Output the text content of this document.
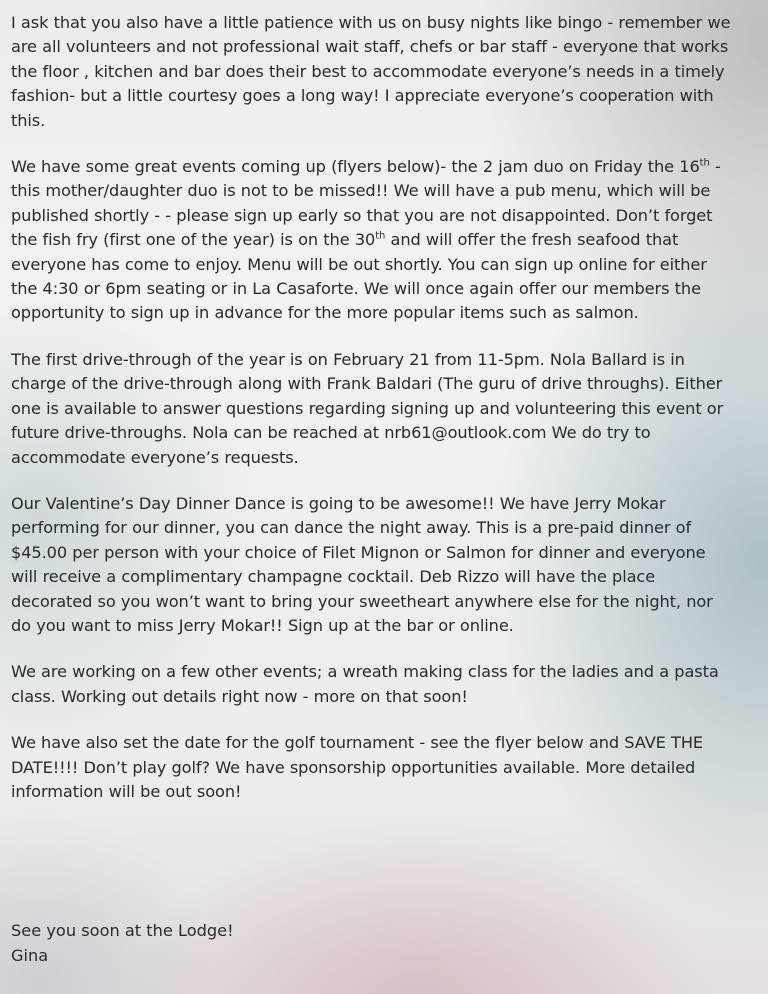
I ask that you also have a little patience with us on busy nights like bingo - remember we
are all volunteers and not professional wait staff, chefs or bar staff - everyone that works
the floor , kitchen and bar does their best to accommodate everyone’s needs in a timely
fashion- but a little courtesy goes a long way! I appreciate everyone’s cooperation with
this.

We have some great events coming up (flyers below)- the 2 jam duo on Friday the 16th -
this mother/daughter duo is not to be missed!! We will have a pub menu, which will be
published shortly - - please sign up early so that you are not disappointed. Don’t forget
the fish fry (first one of the year) is on the 30th and will offer the fresh seafood that
everyone has come to enjoy. Menu will be out shortly. You can sign up online for either
the 4:30 or 6pm seating or in La Casaforte. We will once again offer our members the
opportunity to sign up in advance for the more popular items such as salmon.

The first drive-through of the year is on February 21 from 11-5pm. Nola Ballard is in
charge of the drive-through along with Frank Baldari (The guru of drive throughs). Either
one is available to answer questions regarding signing up and volunteering this event or
future drive-throughs. Nola can be reached at nrb61@outlook.com We do try to
accommodate everyone’s requests.

Our Valentine’s Day Dinner Dance is going to be awesome!! We have Jerry Mokar
performing for our dinner, you can dance the night away. This is a pre-paid dinner of
$45.00 per person with your choice of Filet Mignon or Salmon for dinner and everyone
will receive a complimentary champagne cocktail. Deb Rizzo will have the place
decorated so you won’t want to bring your sweetheart anywhere else for the night, nor
do you want to miss Jerry Mokar!! Sign up at the bar or online.

We are working on a few other events; a wreath making class for the ladies and a pasta
class. Working out details right now - more on that soon!

We have also set the date for the golf tournament - see the flyer below and SAVE THE
DATE!!!! Don’t play golf? We have sponsorship opportunities available. More detailed
information will be out soon!

See you soon at the Lodge!
Gina
